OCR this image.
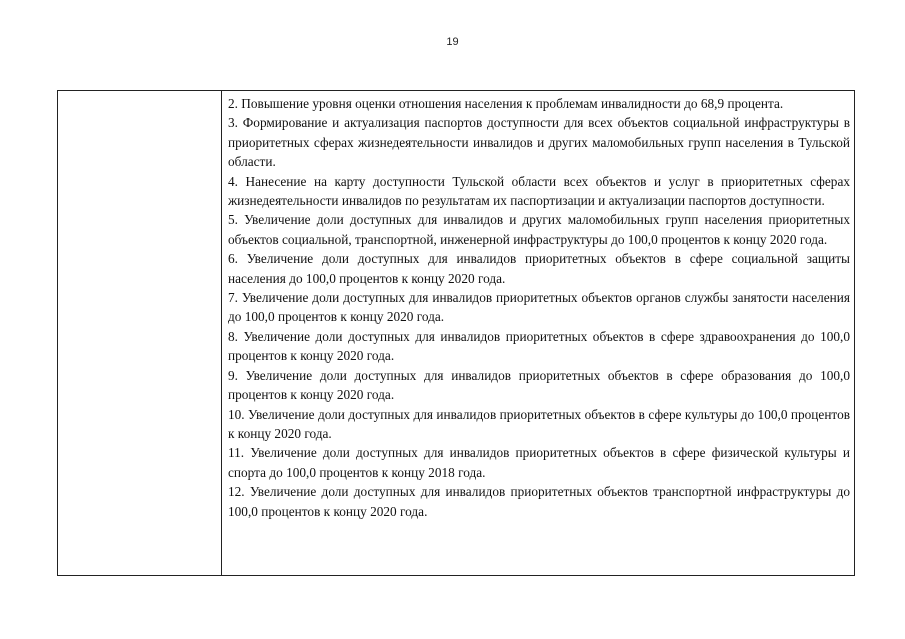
19

2. Повышение уровня оценки отношения населения к проблемам инвалидности до 68,9 процента.

3. Формирование и актуализация паспортов доступности для всех объектов социальной инфраструктуры в приоритетных сферах жизнедеятельности инвалидов и других маломобильных групп населения в Тульской области.

4. Нанесение на карту доступности Тульской области всех объектов и услуг в приоритетных сферах жизнедеятельности инвалидов по результатам их паспортизации и актуализации паспортов доступности.

5. Увеличение доли доступных для инвалидов и других маломобильных групп населения приоритетных объектов социальной, транспортной, инженерной инфраструктуры до 100,0 процентов к концу 2020 года.

6. Увеличение доли доступных для инвалидов приоритетных объектов в сфере социальной защиты населения до 100,0 процентов к концу 2020 года.

7. Увеличение доли доступных для инвалидов приоритетных объектов органов службы занятости населения до 100,0 процентов к концу 2020 года.

8. Увеличение доли доступных для инвалидов приоритетных объектов в сфере здравоохранения до 100,0 процентов к концу 2020 года.

9. Увеличение доли доступных для инвалидов приоритетных объектов в сфере образования до 100,0 процентов к концу 2020 года.

10. Увеличение доли доступных для инвалидов приоритетных объектов в сфере культуры до 100,0 процентов к концу 2020 года.

11. Увеличение доли доступных для инвалидов приоритетных объектов в сфере физической культуры и спорта до 100,0 процентов к концу 2018 года.

12. Увеличение доли доступных для инвалидов приоритетных объектов транспортной инфраструктуры до 100,0 процентов к концу 2020 года.
